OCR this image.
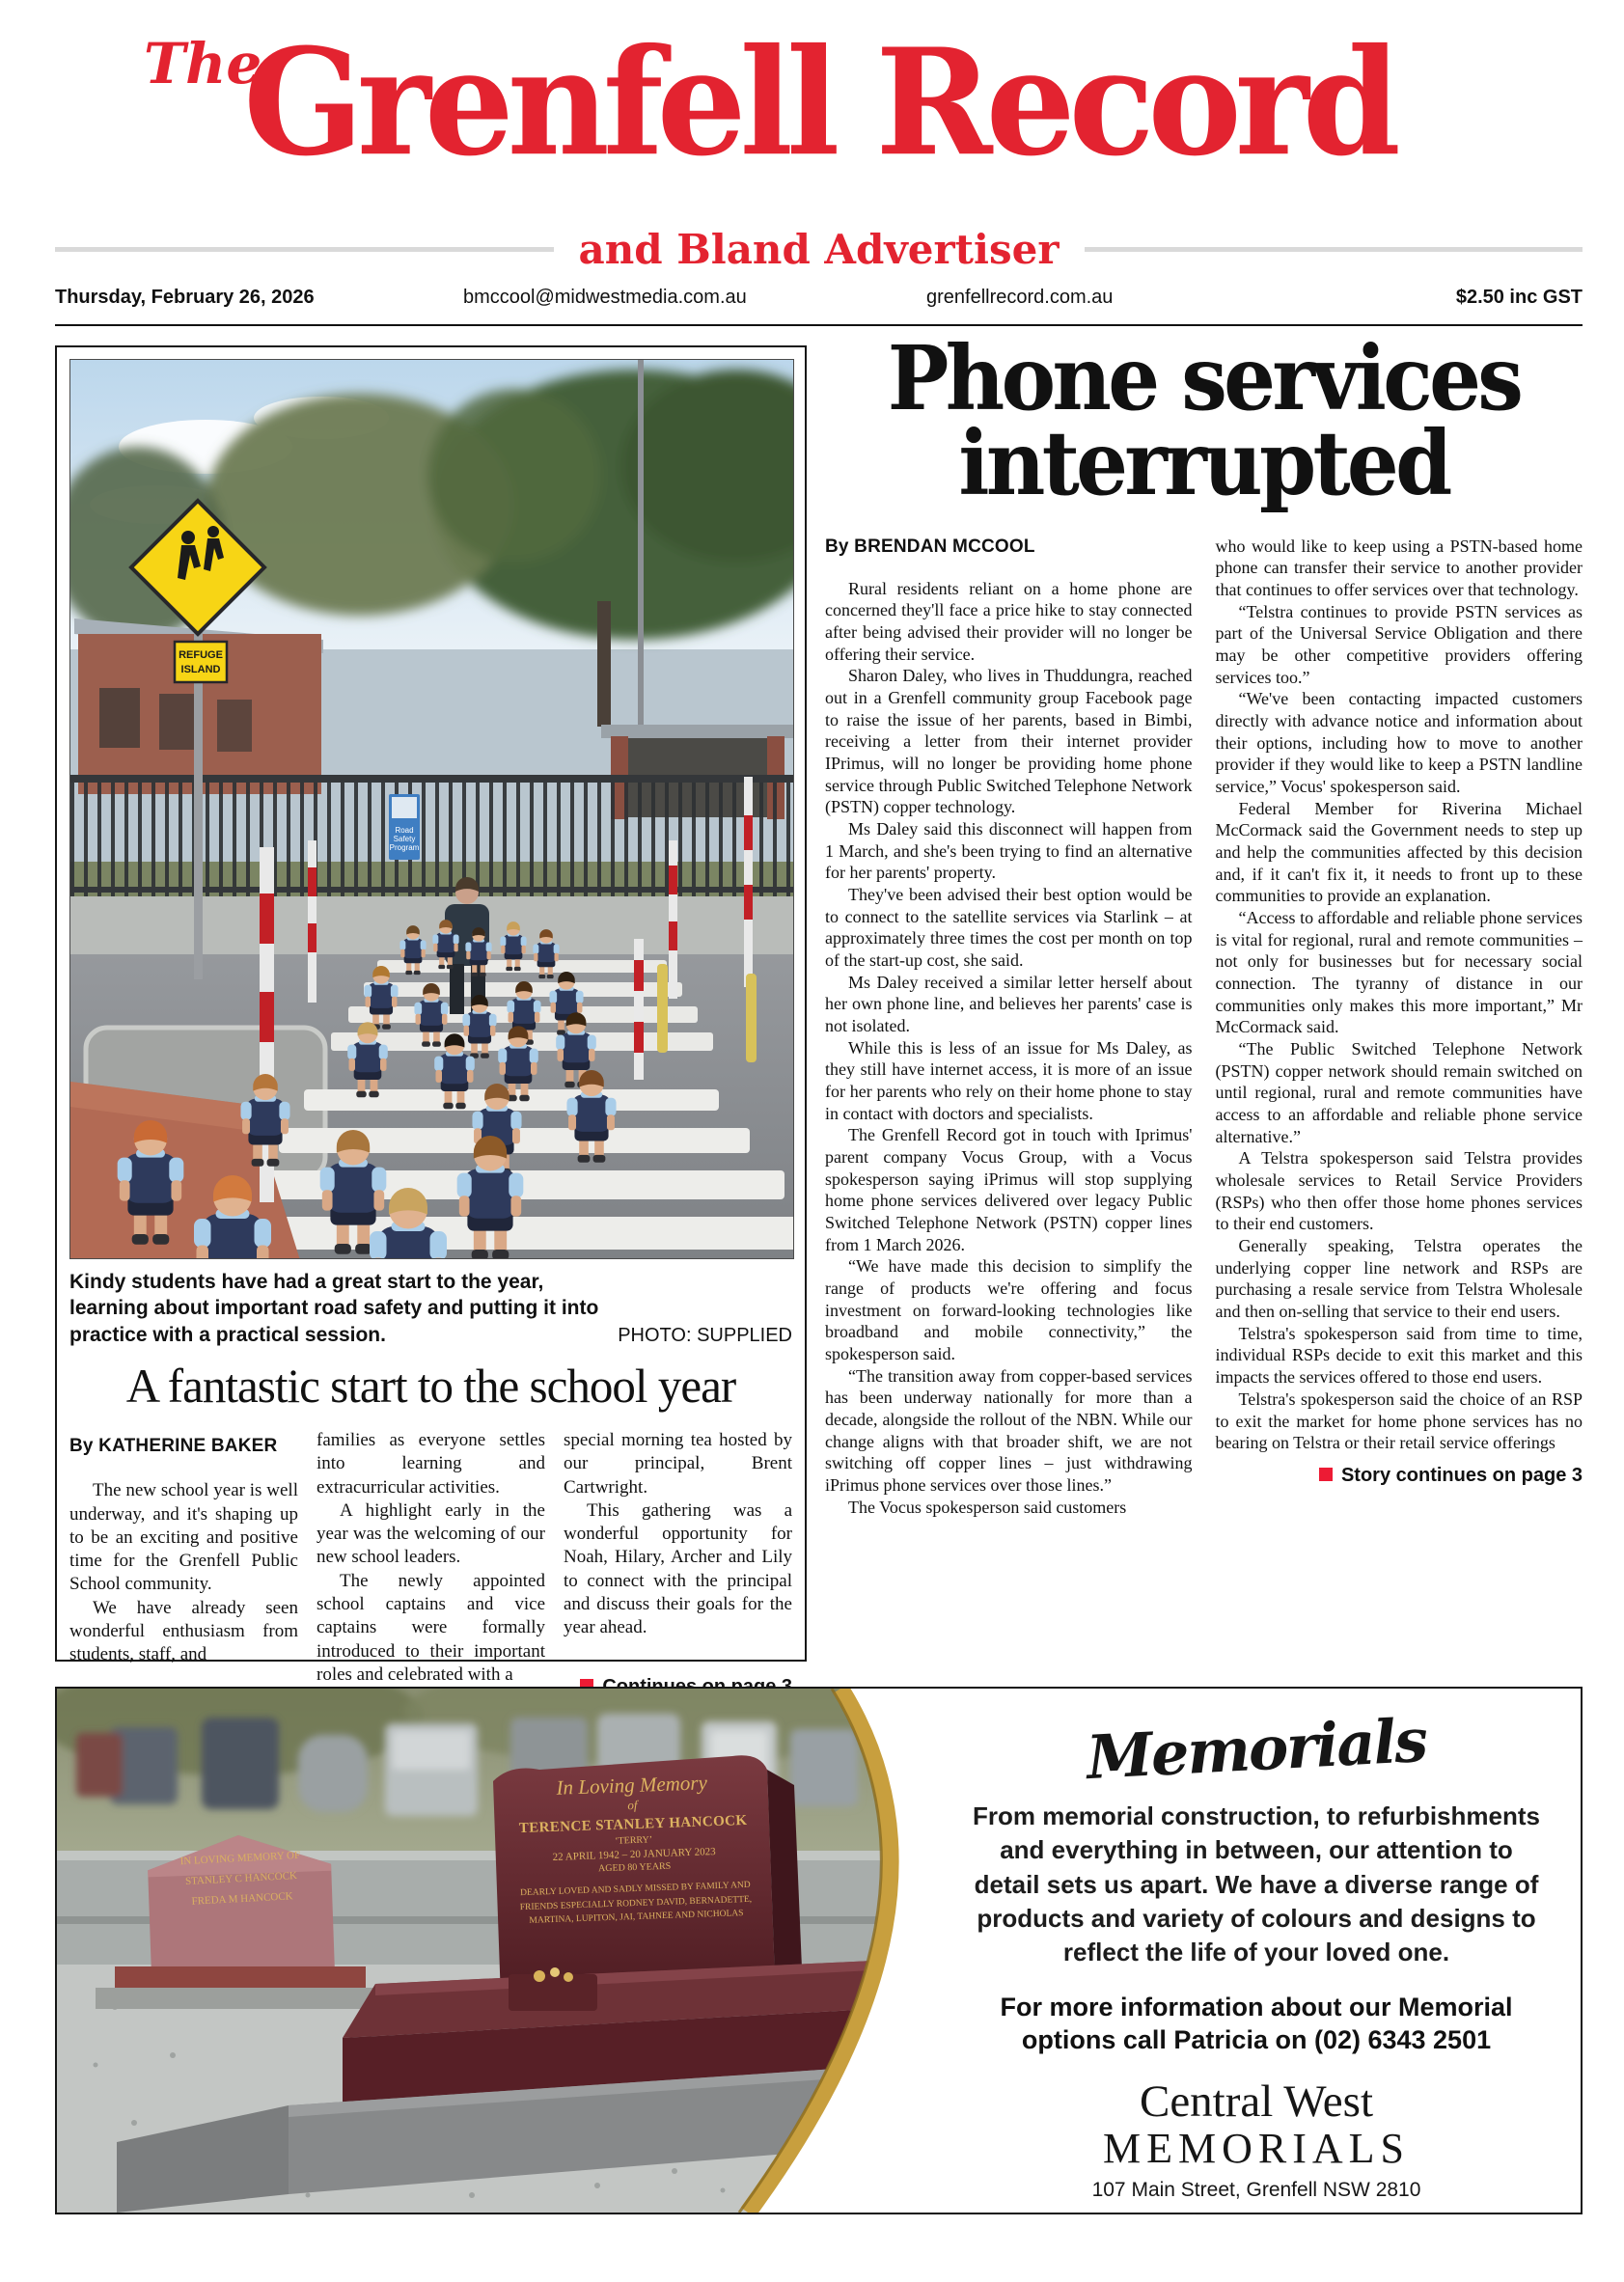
The
Grenfell Record
and Bland Advertiser
Thursday, February 26, 2026	bmccool@midwestmedia.com.au	grenfellrecord.com.au	$2.50 inc GST
Road
Safety
Program
REFUGE
ISLAND
Kindy students have had a great start to the year, learning about important road safety and putting it into practice with a practical session.	PHOTO: SUPPLIED
A fantastic start to the school year
By KATHERINE BAKER

The new school year is well underway, and it's shaping up to be an exciting and positive time for the Grenfell Public School community.

We have already seen wonderful enthusiasm from students, staff, and

families as everyone settles into learning and extracurricular activities.

A highlight early in the year was the welcoming of our new school leaders.

The newly appointed school captains and vice captains were formally introduced to their important roles and celebrated with a

special morning tea hosted by our principal, Brent Cartwright.

This gathering was a wonderful opportunity for Noah, Hilary, Archer and Lily to connect with the principal and discuss their goals for the year ahead.

Phone services interrupted
By BRENDAN MCCOOL

Rural residents reliant on a home phone are concerned they'll face a price hike to stay connected after being advised their provider will no longer be offering their service.

Sharon Daley, who lives in Thuddungra, reached out in a Grenfell community group Facebook page to raise the issue of her parents, based in Bimbi, receiving a letter from their internet provider IPrimus, will no longer be providing home phone service through Public Switched Telephone Network (PSTN) copper technology.

Ms Daley said this disconnect will happen from 1 March, and she's been trying to find an alternative for her parents' property.

They've been advised their best option would be to connect to the satellite services via Starlink – at approximately three times the cost per month on top of the start-up cost, she said.

Ms Daley received a similar letter herself about her own phone line, and believes her parents' case is not isolated.

While this is less of an issue for Ms Daley, as they still have internet access, it is more of an issue for her parents who rely on their home phone to stay in contact with doctors and specialists.

The Grenfell Record got in touch with Iprimus' parent company Vocus Group, with a Vocus spokesperson saying iPrimus will stop supplying home phone services delivered over legacy Public Switched Telephone Network (PSTN) copper lines from 1 March 2026.

“We have made this decision to simplify the range of products we're offering and focus investment on forward-looking technologies like broadband and mobile connectivity,” the spokesperson said.

“The transition away from copper-based services has been underway nationally for more than a decade, alongside the rollout of the NBN. While our change aligns with that broader shift, we are not switching off copper lines – just withdrawing iPrimus phone services over those lines.”

The Vocus spokesperson said customers

who would like to keep using a PSTN-based home phone can transfer their service to another provider that continues to offer services over that technology.

“Telstra continues to provide PSTN services as part of the Universal Service Obligation and there may be other competitive providers offering services too.”

“We've been contacting impacted customers directly with advance notice and information about their options, including how to move to another provider if they would like to keep a PSTN landline service,” Vocus' spokesperson said.

Federal Member for Riverina Michael McCormack said the Government needs to step up and help the communities affected by this decision and, if it can't fix it, it needs to front up to these communities to provide an explanation.

“Access to affordable and reliable phone services is vital for regional, rural and remote communities – not only for businesses but for necessary social connection. The tyranny of distance in our communities only makes this more important,” Mr McCormack said.

“The Public Switched Telephone Network (PSTN) copper network should remain switched on until regional, rural and remote communities have access to an affordable and reliable phone service alternative.”

A Telstra spokesperson said Telstra provides wholesale services to Retail Service Providers (RSPs) who then offer those home phones services to their end customers.

Generally speaking, Telstra operates the underlying copper line network and RSPs are purchasing a resale service from Telstra Wholesale and then on-selling that service to their end users.

Telstra's spokesperson said from time to time, individual RSPs decide to exit this market and this impacts the services offered to those end users.

Telstra's spokesperson said the choice of an RSP to exit the market for home phone services has no bearing on Telstra or their retail service offerings

Story continues on page 3
IN LOVING MEMORY OF
STANLEY C HANCOCK
FREDA M HANCOCK
In Loving Memory
of
TERENCE STANLEY HANCOCK
‘TERRY’
22 APRIL 1942 – 20 JANUARY 2023
AGED 80 YEARS
DEARLY LOVED AND SADLY MISSED BY FAMILY AND FRIENDS ESPECIALLY RODNEY DAVID, BERNADETTE, MARTINA, LUPITON, JAI, TAHNEE AND NICHOLAS
Memorials
From memorial construction, to refurbishments and everything in between, our attention to detail sets us apart. We have a diverse range of products and variety of colours and designs to reflect the life of your loved one.
For more information about our Memorial options call Patricia on (02) 6343 2501
Central West
MEMORIALS
107 Main Street, Grenfell NSW 2810
